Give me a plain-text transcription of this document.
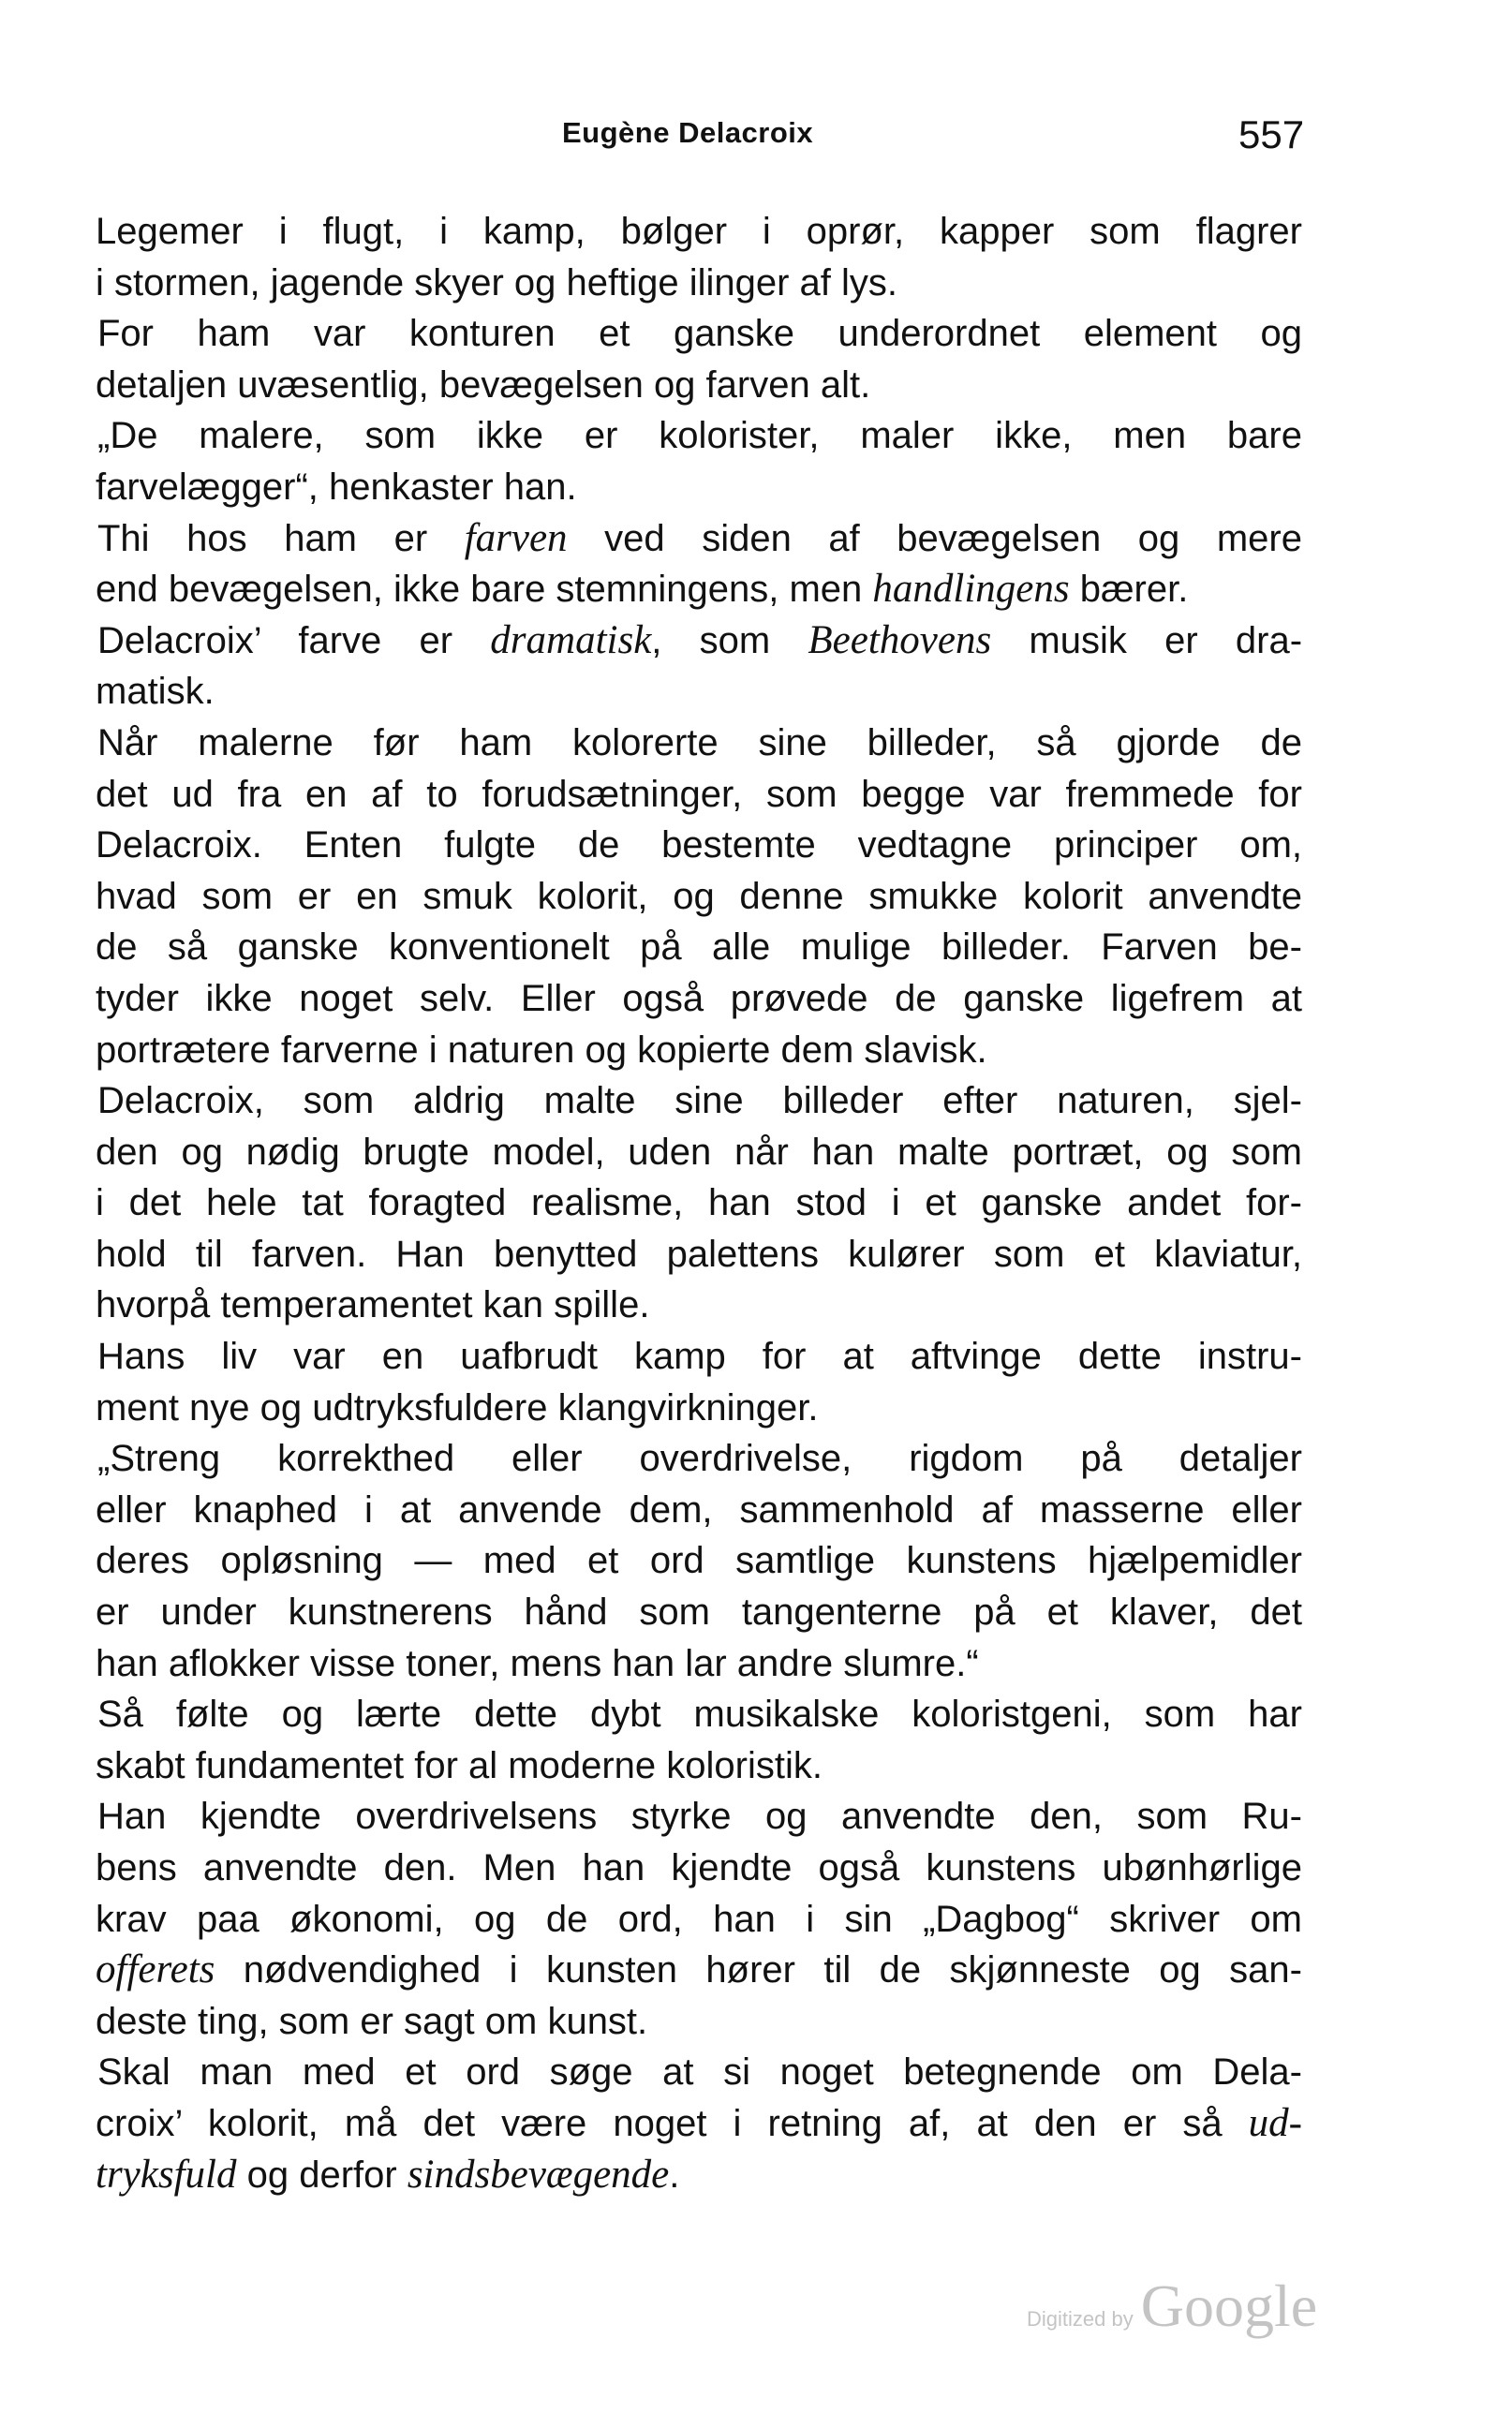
Eugène Delacroix	557

Legemer i flugt, i kamp, bølger i oprør, kapper som flagrer
i stormen, jagende skyer og heftige ilinger af lys.

For ham var konturen et ganske underordnet element og
detaljen uvæsentlig, bevægelsen og farven alt.

„De malere, som ikke er kolorister, maler ikke, men bare
farvelægger“, henkaster han.

Thi hos ham er farven ved siden af bevægelsen og mere
end bevægelsen, ikke bare stemningens, men handlingens bærer.

Delacroix’ farve er dramatisk, som Beethovens musik er dra-
matisk.

Når malerne før ham kolorerte sine billeder, så gjorde de
det ud fra en af to forudsætninger, som begge var fremmede for
Delacroix. Enten fulgte de bestemte vedtagne principer om,
hvad som er en smuk kolorit, og denne smukke kolorit anvendte
de så ganske konventionelt på alle mulige billeder. Farven be-
tyder ikke noget selv. Eller også prøvede de ganske ligefrem at
portrætere farverne i naturen og kopierte dem slavisk.

Delacroix, som aldrig malte sine billeder efter naturen, sjel-
den og nødig brugte model, uden når han malte portræt, og som
i det hele tat foragted realisme, han stod i et ganske andet for-
hold til farven. Han benytted palettens kulører som et klaviatur,
hvorpå temperamentet kan spille.

Hans liv var en uafbrudt kamp for at aftvinge dette instru-
ment nye og udtryksfuldere klangvirkninger.

„Streng korrekthed eller overdrivelse, rigdom på detaljer
eller knaphed i at anvende dem, sammenhold af masserne eller
deres opløsning — med et ord samtlige kunstens hjælpemidler
er under kunstnerens hånd som tangenterne på et klaver, det
han aflokker visse toner, mens han lar andre slumre.“

Så følte og lærte dette dybt musikalske koloristgeni, som har
skabt fundamentet for al moderne koloristik.

Han kjendte overdrivelsens styrke og anvendte den, som Ru-
bens anvendte den. Men han kjendte også kunstens ubønhørlige
krav paa økonomi, og de ord, han i sin „Dagbog“ skriver om
offerets nødvendighed i kunsten hører til de skjønneste og san-
deste ting, som er sagt om kunst.

Skal man med et ord søge at si noget betegnende om Dela-
croix’ kolorit, må det være noget i retning af, at den er så ud-
tryksfuld og derfor sindsbevægende.

Digitized by Google
